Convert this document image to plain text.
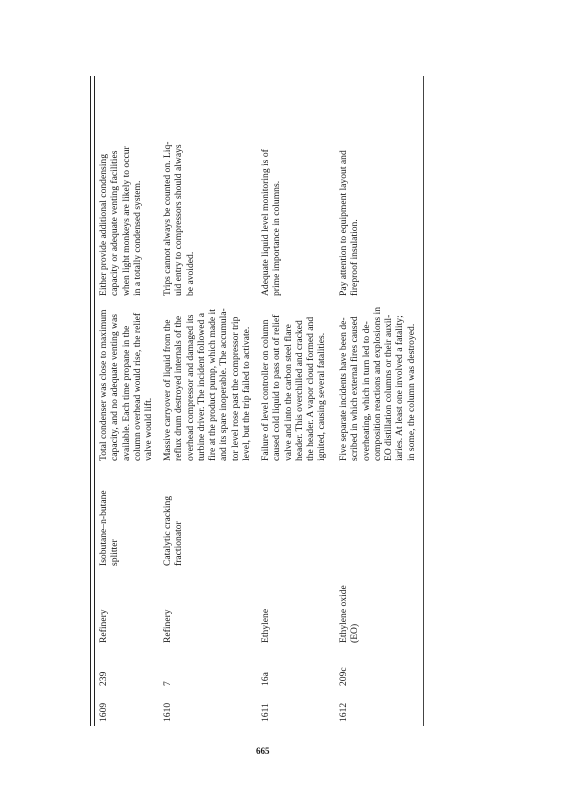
1609
239
Refinery
Isobutane–n-butane splitter
Total condenser was close to maximum capacity, and no adequate venting was available. Each time propane in the column overhead would rise, the relief valve would lift.
Either provide additional condensing capacity or adequate venting facilities when light monkeys are likely to occur in a totally condensed system.
1610
7
Refinery
Catalytic cracking fractionator
Massive carryover of liquid from the reflux drum destroyed internals of the overhead compressor and damaged its turbine driver. The incident followed a fire at the product pump, which made it and its spare inoperable. The accumula- tor level rose past the compressor trip level, but the trip failed to activate.
Trips cannot always be counted on. Liq- uid entry to compressors should always be avoided.
1611
16a
Ethylene
Failure of level controller on column caused cold liquid to pass out of relief valve and into the carbon steel flare header. This overchilled and cracked the header. A vapor cloud formed and ignited, causing several fatalities.
Adequate liquid level monitoring is of prime importance in columns.
1612
209c
Ethylene oxide (EO)
Five separate incidents have been de- scribed in which external fires caused overheating, which in turn led to de- composition reactions and explosions in EO distillation columns or their auxil- iaries. At least one involved a fatality; in some, the column was destroyed.
Pay attention to equipment layout and fireproof insulation.
665
